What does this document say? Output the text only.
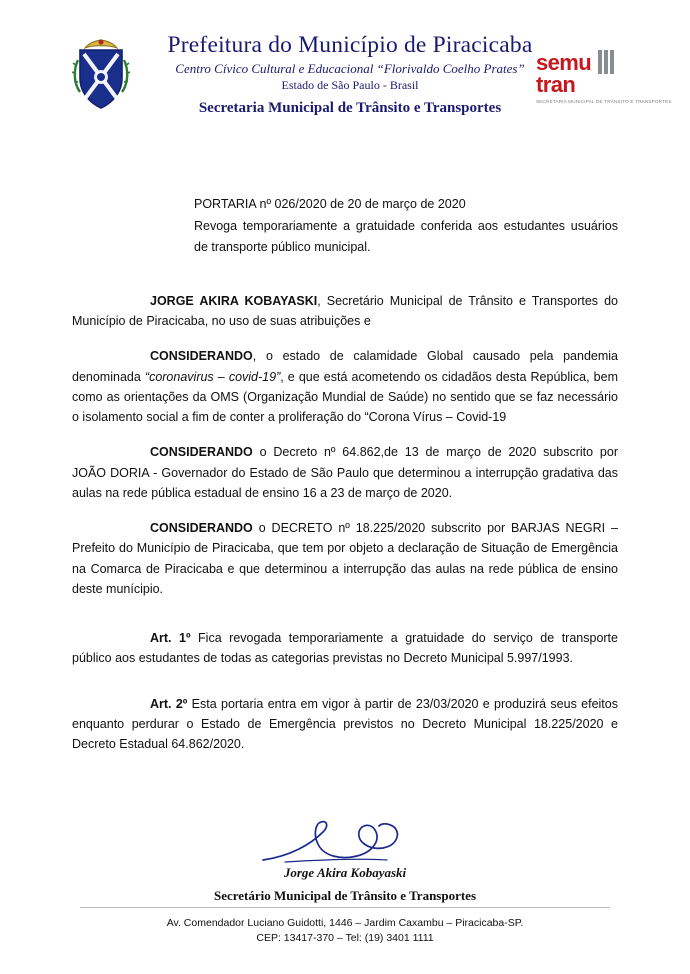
Prefeitura do Município de Piracicaba
Centro Cívico Cultural e Educacional “Florivaldo Coelho Prates”
Estado de São Paulo - Brasil
Secretaria Municipal de Trânsito e Transportes
semu
tran
SECRETARIA MUNICIPAL DE TRÂNSITO E TRANSPORTES
PORTARIA nº 026/2020 de 20 de março de 2020
Revoga temporariamente a gratuidade conferida aos estudantes usuários de transporte público municipal.

JORGE AKIRA KOBAYASKI, Secretário Municipal de Trânsito e Transportes do Município de Piracicaba, no uso de suas atribuições e

CONSIDERANDO, o estado de calamidade Global causado pela pandemia denominada “coronavirus – covid-19”, e que está acometendo os cidadãos desta República, bem como as orientações da OMS (Organização Mundial de Saúde) no sentido que se faz necessário o isolamento social a fim de conter a proliferação do “Corona Vírus – Covid-19

CONSIDERANDO o Decreto nº 64.862,de 13 de março de 2020 subscrito por JOÃO DORIA - Governador do Estado de São Paulo que determinou a interrupção gradativa das aulas na rede pública estadual de ensino 16 a 23 de março de 2020.

CONSIDERANDO o DECRETO nº 18.225/2020 subscrito por BARJAS NEGRI – Prefeito do Município de Piracicaba, que tem por objeto a declaração de Situação de Emergência na Comarca de Piracicaba e que determinou a interrupção das aulas na rede pública de ensino deste munícipio.

Art. 1º Fica revogada temporariamente a gratuidade do serviço de transporte público aos estudantes de todas as categorias previstas no Decreto Municipal 5.997/1993.

Art. 2º Esta portaria entra em vigor à partir de 23/03/2020 e produzirá seus efeitos enquanto perdurar o Estado de Emergência previstos no Decreto Municipal 18.225/2020 e Decreto Estadual 64.862/2020.

Jorge Akira Kobayaski
Secretário Municipal de Trânsito e Transportes
Av. Comendador Luciano Guidotti, 1446 – Jardim Caxambu – Piracicaba-SP.
CEP: 13417-370 – Tel: (19) 3401 1111
